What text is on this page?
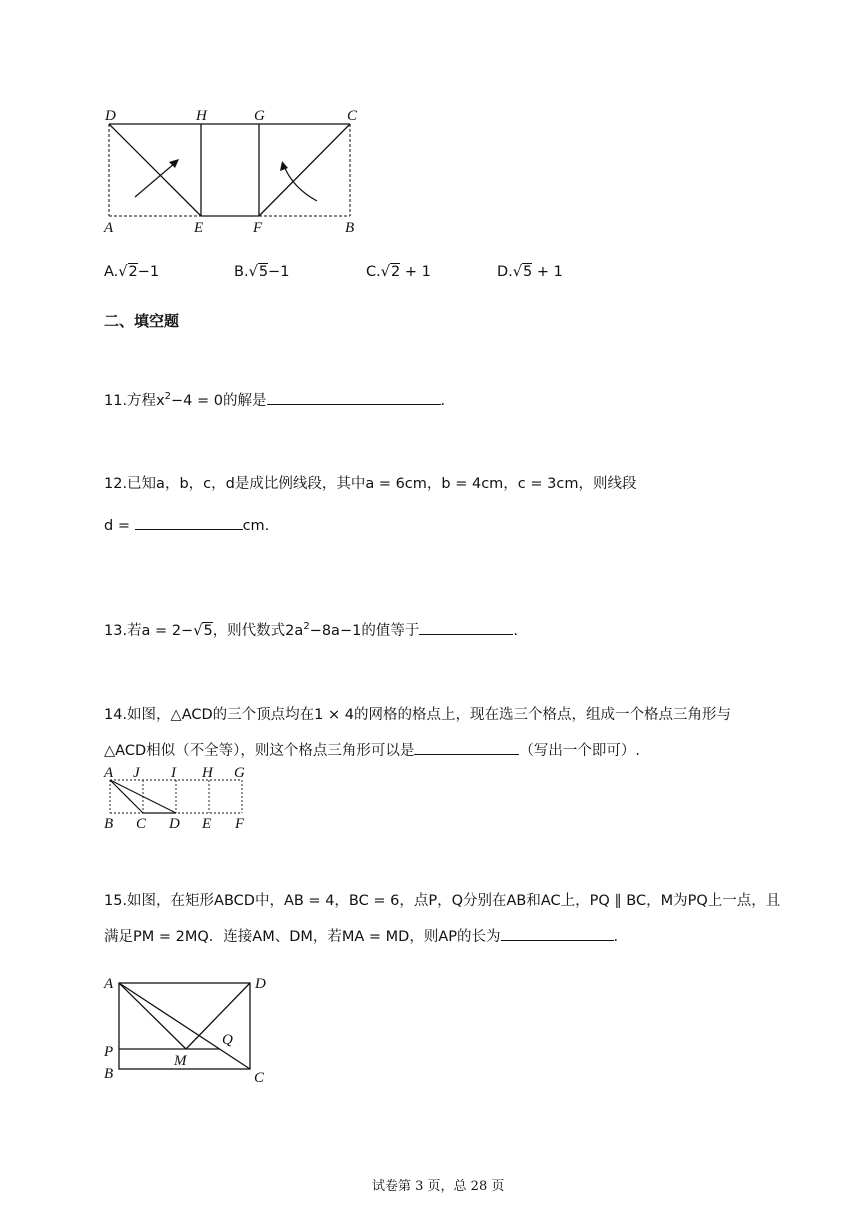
D	H	G	C
A	E	F	B
A.√2−1	B.√5−1	C.√2 + 1	D.√5 + 1
二、填空题
11.方程$x^2-4 = 0$的解是	.
12.已知a，b，c，d是成比例线段，其中a = 6cm，b = 4cm，c = 3cm，则线段
d =	cm.
13.若a = 2−√5，则代数式$2a^2-8a-1$的值等于	.
14.如图，△ACD的三个顶点均在1 × 4的网格的格点上，现在选三个格点，组成一个格点三角形与
△ACD相似（不全等），则这个格点三角形可以是	（写出一个即可）.
A J I H G
B C D E F
15.如图，在矩形ABCD中，AB = 4，BC = 6，点P，Q分别在AB和AC上，PQ ∥ BC，M为PQ上一点，且
满足PM = 2MQ．连接AM、DM，若MA = MD，则AP的长为	.
A	D
P
Q
M
B	C
试卷第 3 页，总 28 页
